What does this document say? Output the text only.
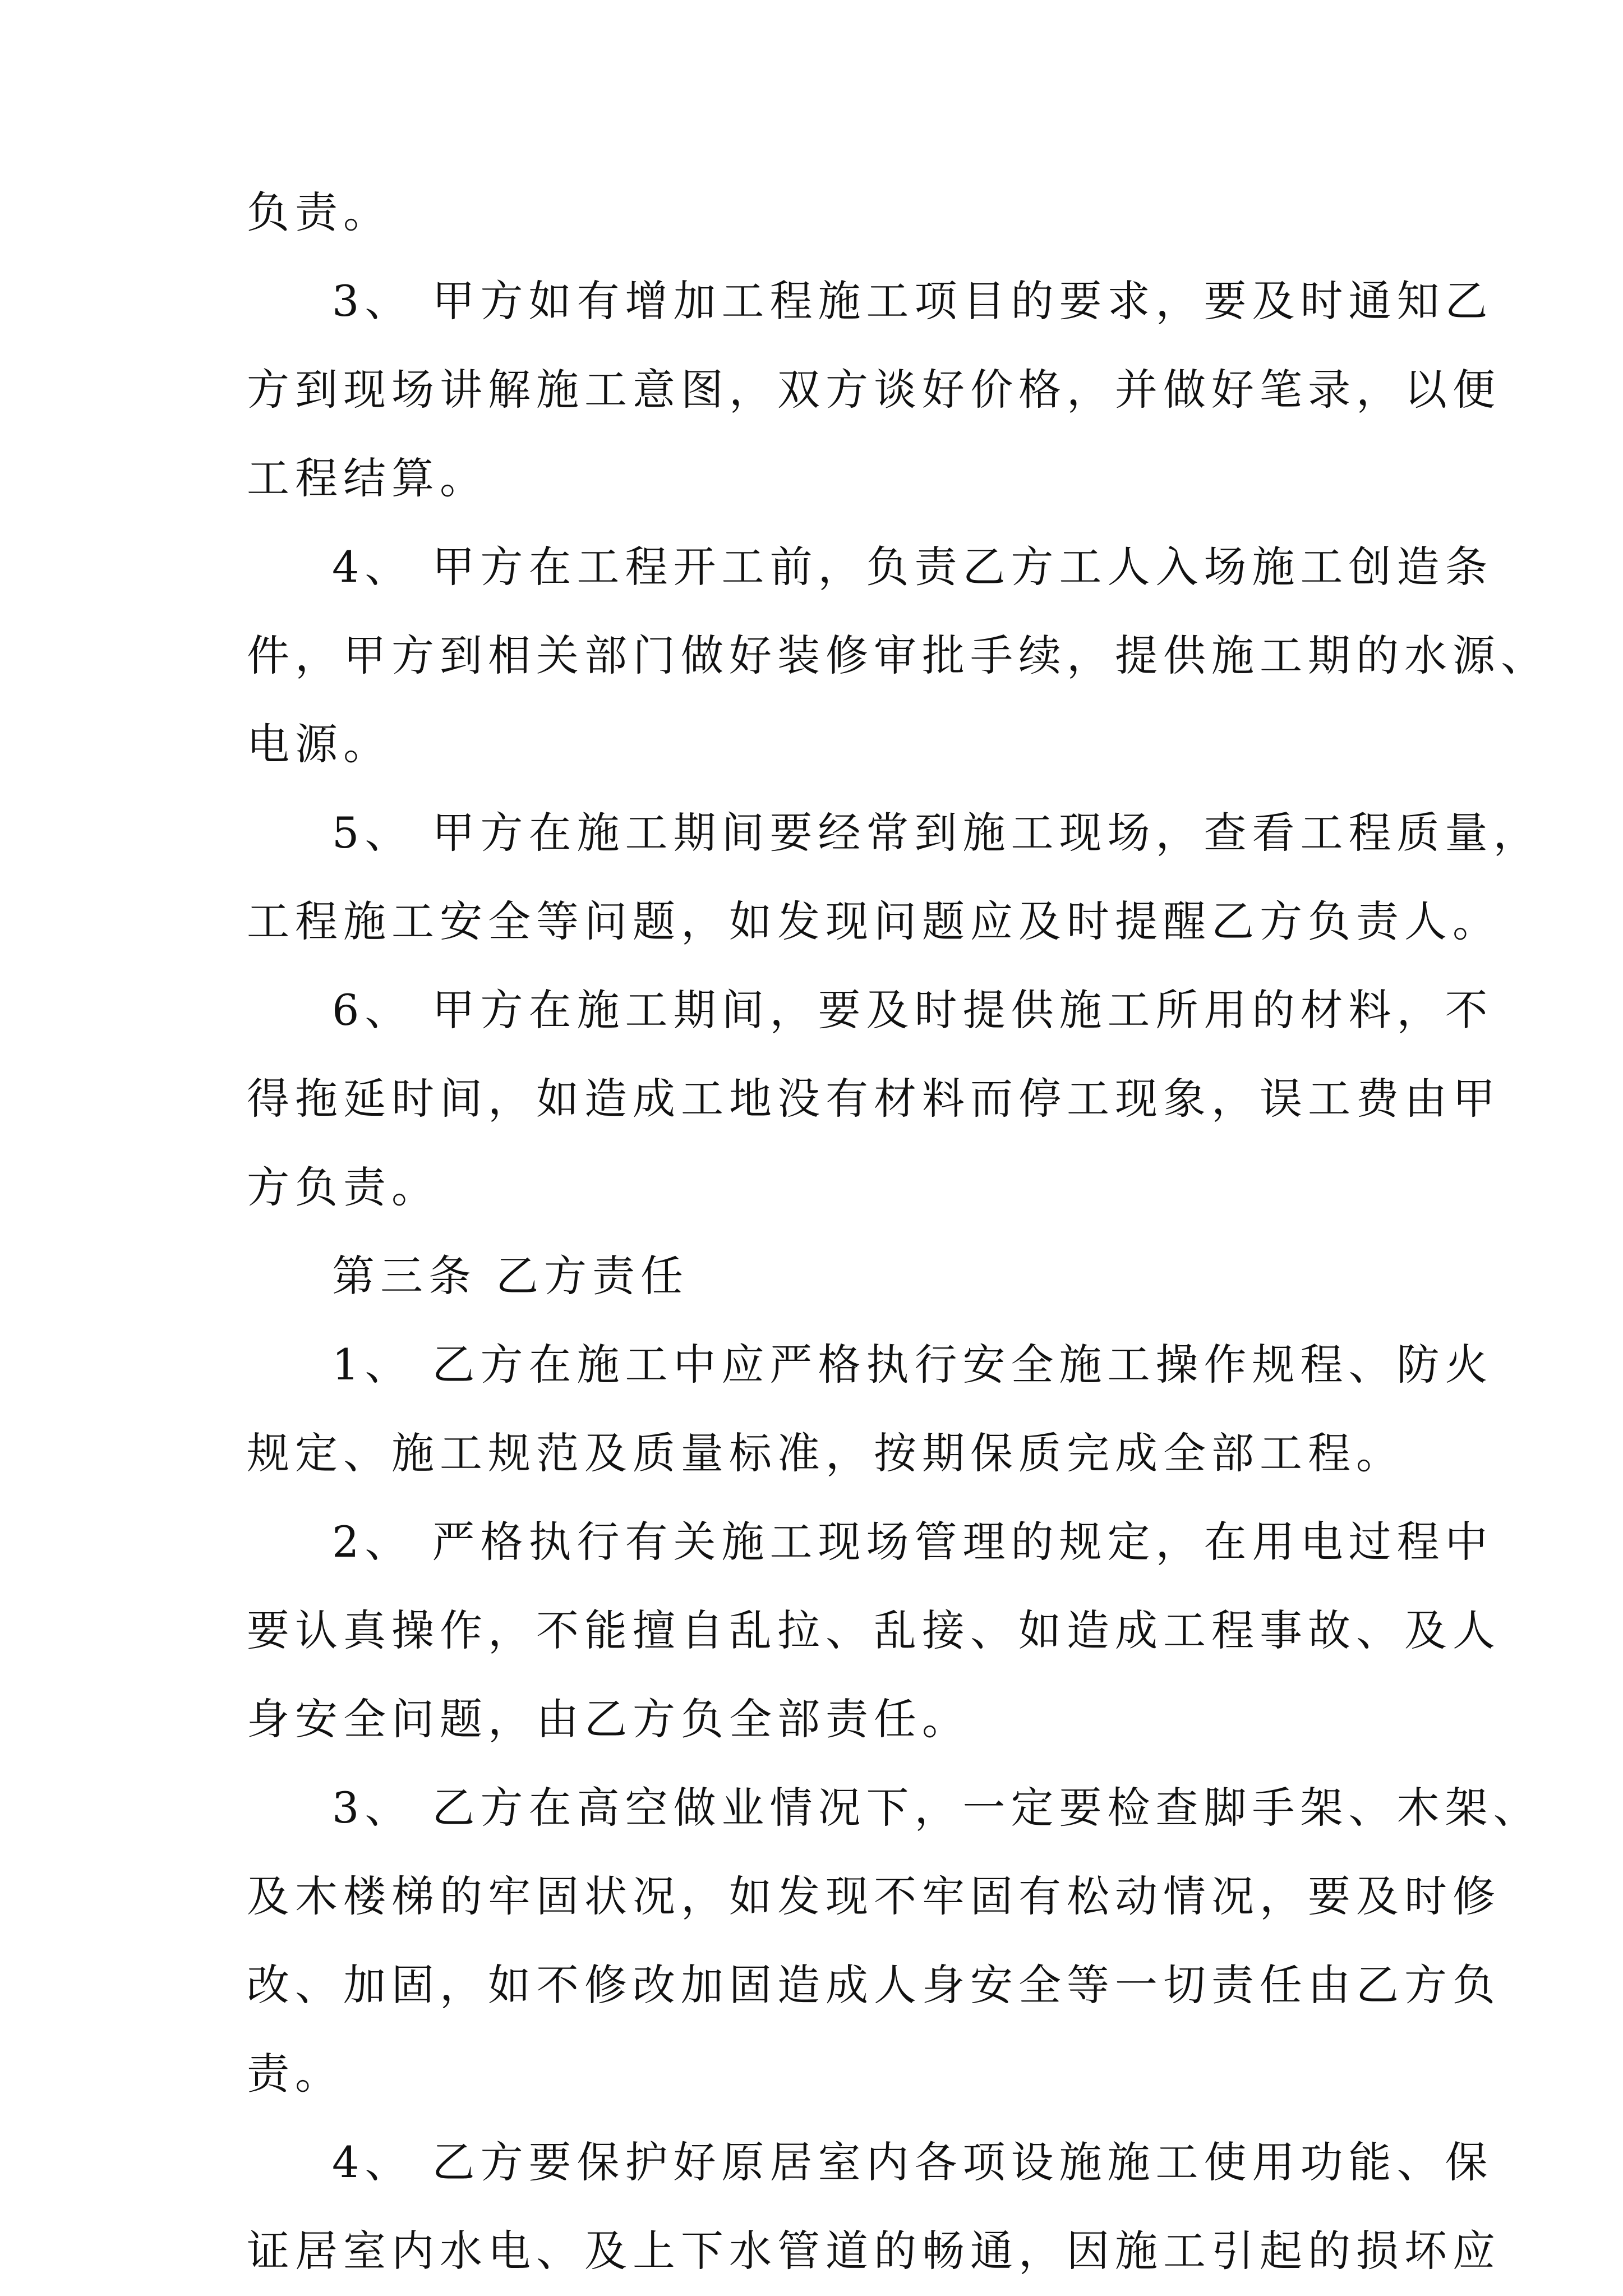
负责。
3、 甲方如有增加工程施工项目的要求，要及时通知乙
方到现场讲解施工意图，双方谈好价格，并做好笔录，以便
工程结算。
4、 甲方在工程开工前，负责乙方工人入场施工创造条
件，甲方到相关部门做好装修审批手续，提供施工期的水源、
电源。
5、 甲方在施工期间要经常到施工现场，查看工程质量，
工程施工安全等问题，如发现问题应及时提醒乙方负责人。
6、 甲方在施工期间，要及时提供施工所用的材料，不
得拖延时间，如造成工地没有材料而停工现象，误工费由甲
方负责。
第三条 乙方责任
1、 乙方在施工中应严格执行安全施工操作规程、防火
规定、施工规范及质量标准，按期保质完成全部工程。
2、 严格执行有关施工现场管理的规定，在用电过程中
要认真操作，不能擅自乱拉、乱接、如造成工程事故、及人
身安全问题，由乙方负全部责任。
3、 乙方在高空做业情况下，一定要检查脚手架、木架、
及木楼梯的牢固状况，如发现不牢固有松动情况，要及时修
改、加固，如不修改加固造成人身安全等一切责任由乙方负
责。
4、 乙方要保护好原居室内各项设施施工使用功能、保
证居室内水电、及上下水管道的畅通，因施工引起的损坏应
